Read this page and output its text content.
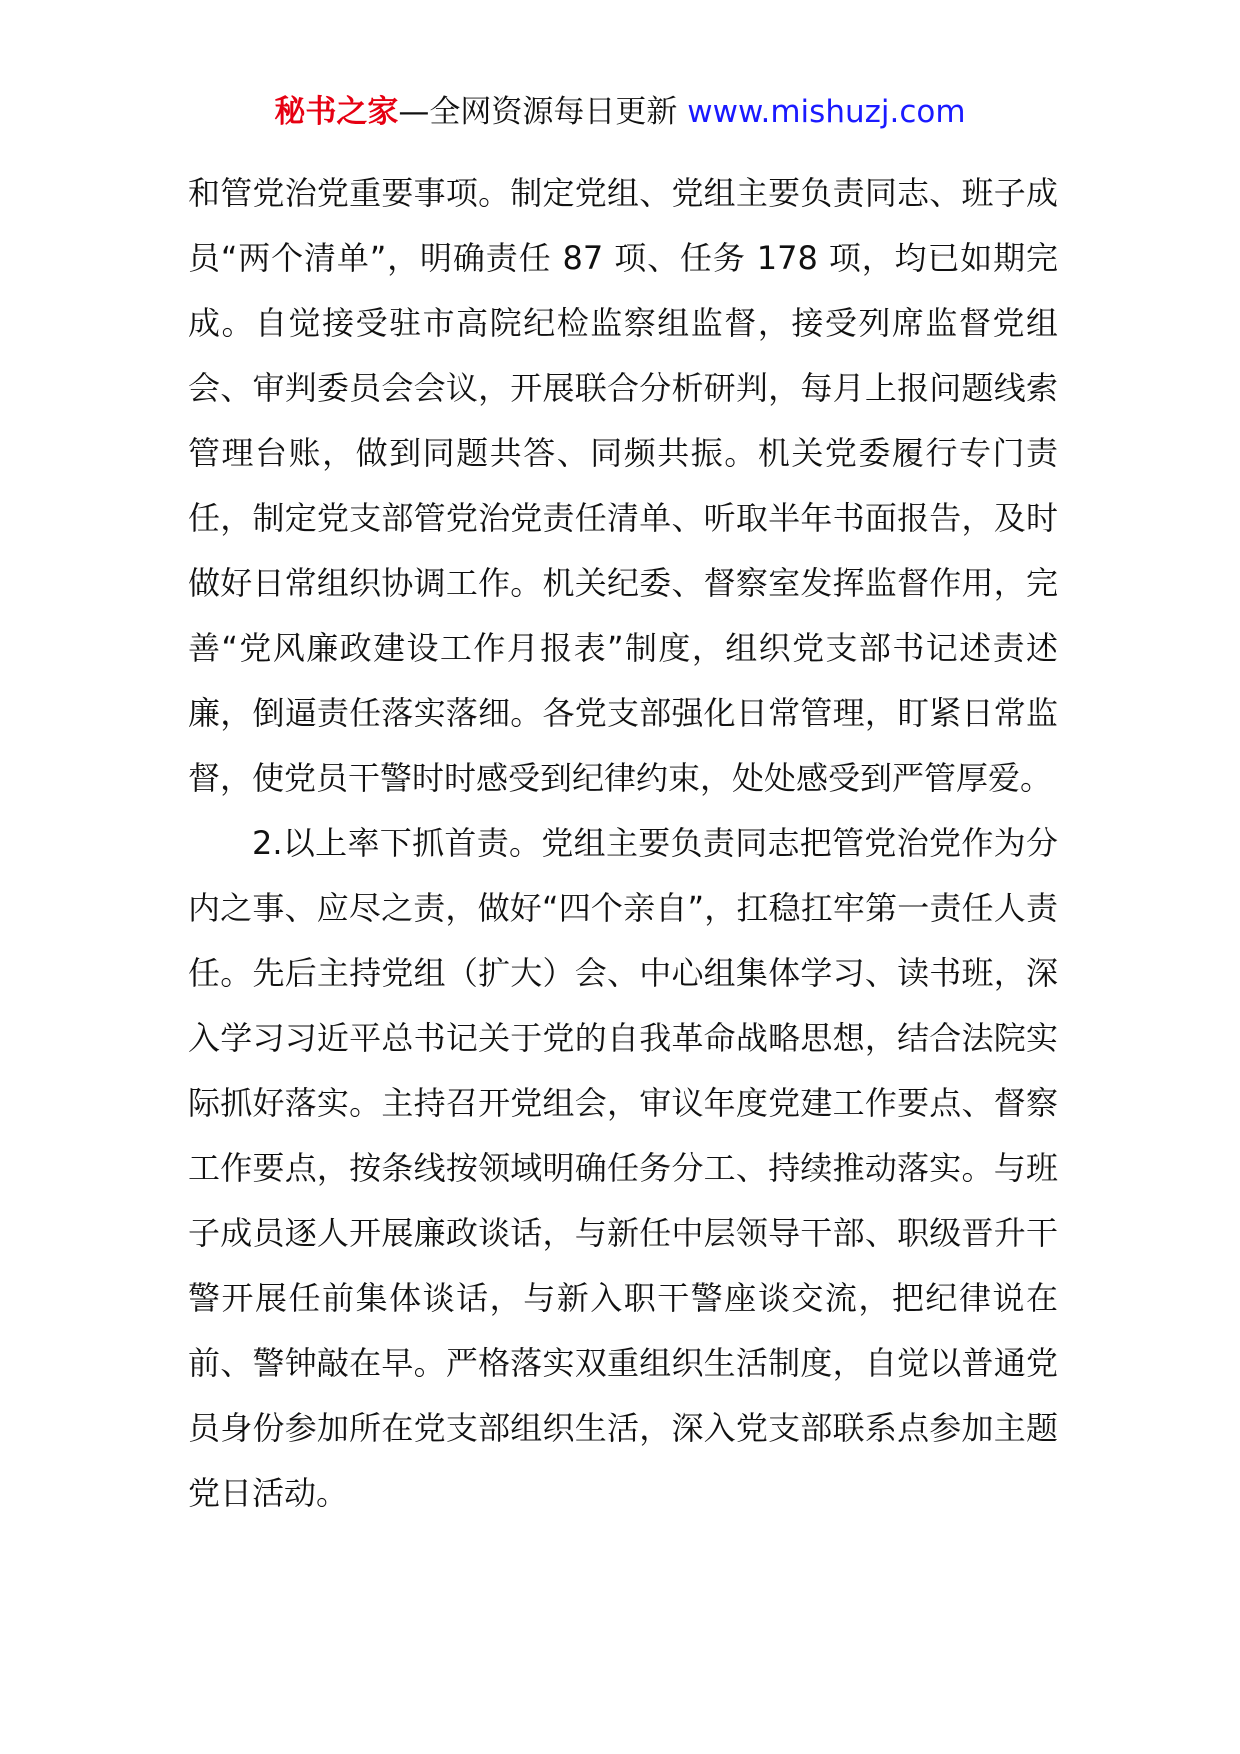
秘书之家—全网资源每日更新 www.mishuzj.com

和管党治党重要事项。制定党组、党组主要负责同志、班子成员“两个清单”，明确责任 87 项、任务 178 项，均已如期完成。自觉接受驻市高院纪检监察组监督，接受列席监督党组会、审判委员会会议，开展联合分析研判，每月上报问题线索管理台账，做到同题共答、同频共振。机关党委履行专门责任，制定党支部管党治党责任清单、听取半年书面报告，及时做好日常组织协调工作。机关纪委、督察室发挥监督作用，完善“党风廉政建设工作月报表”制度，组织党支部书记述责述廉，倒逼责任落实落细。各党支部强化日常管理，盯紧日常监督，使党员干警时时感受到纪律约束，处处感受到严管厚爱。

2.以上率下抓首责。党组主要负责同志把管党治党作为分内之事、应尽之责，做好“四个亲自”，扛稳扛牢第一责任人责任。先后主持党组（扩大）会、中心组集体学习、读书班，深入学习习近平总书记关于党的自我革命战略思想，结合法院实际抓好落实。主持召开党组会，审议年度党建工作要点、督察工作要点，按条线按领域明确任务分工、持续推动落实。与班子成员逐人开展廉政谈话，与新任中层领导干部、职级晋升干警开展任前集体谈话，与新入职干警座谈交流，把纪律说在前、警钟敲在早。严格落实双重组织生活制度，自觉以普通党员身份参加所在党支部组织生活，深入党支部联系点参加主题党日活动。
